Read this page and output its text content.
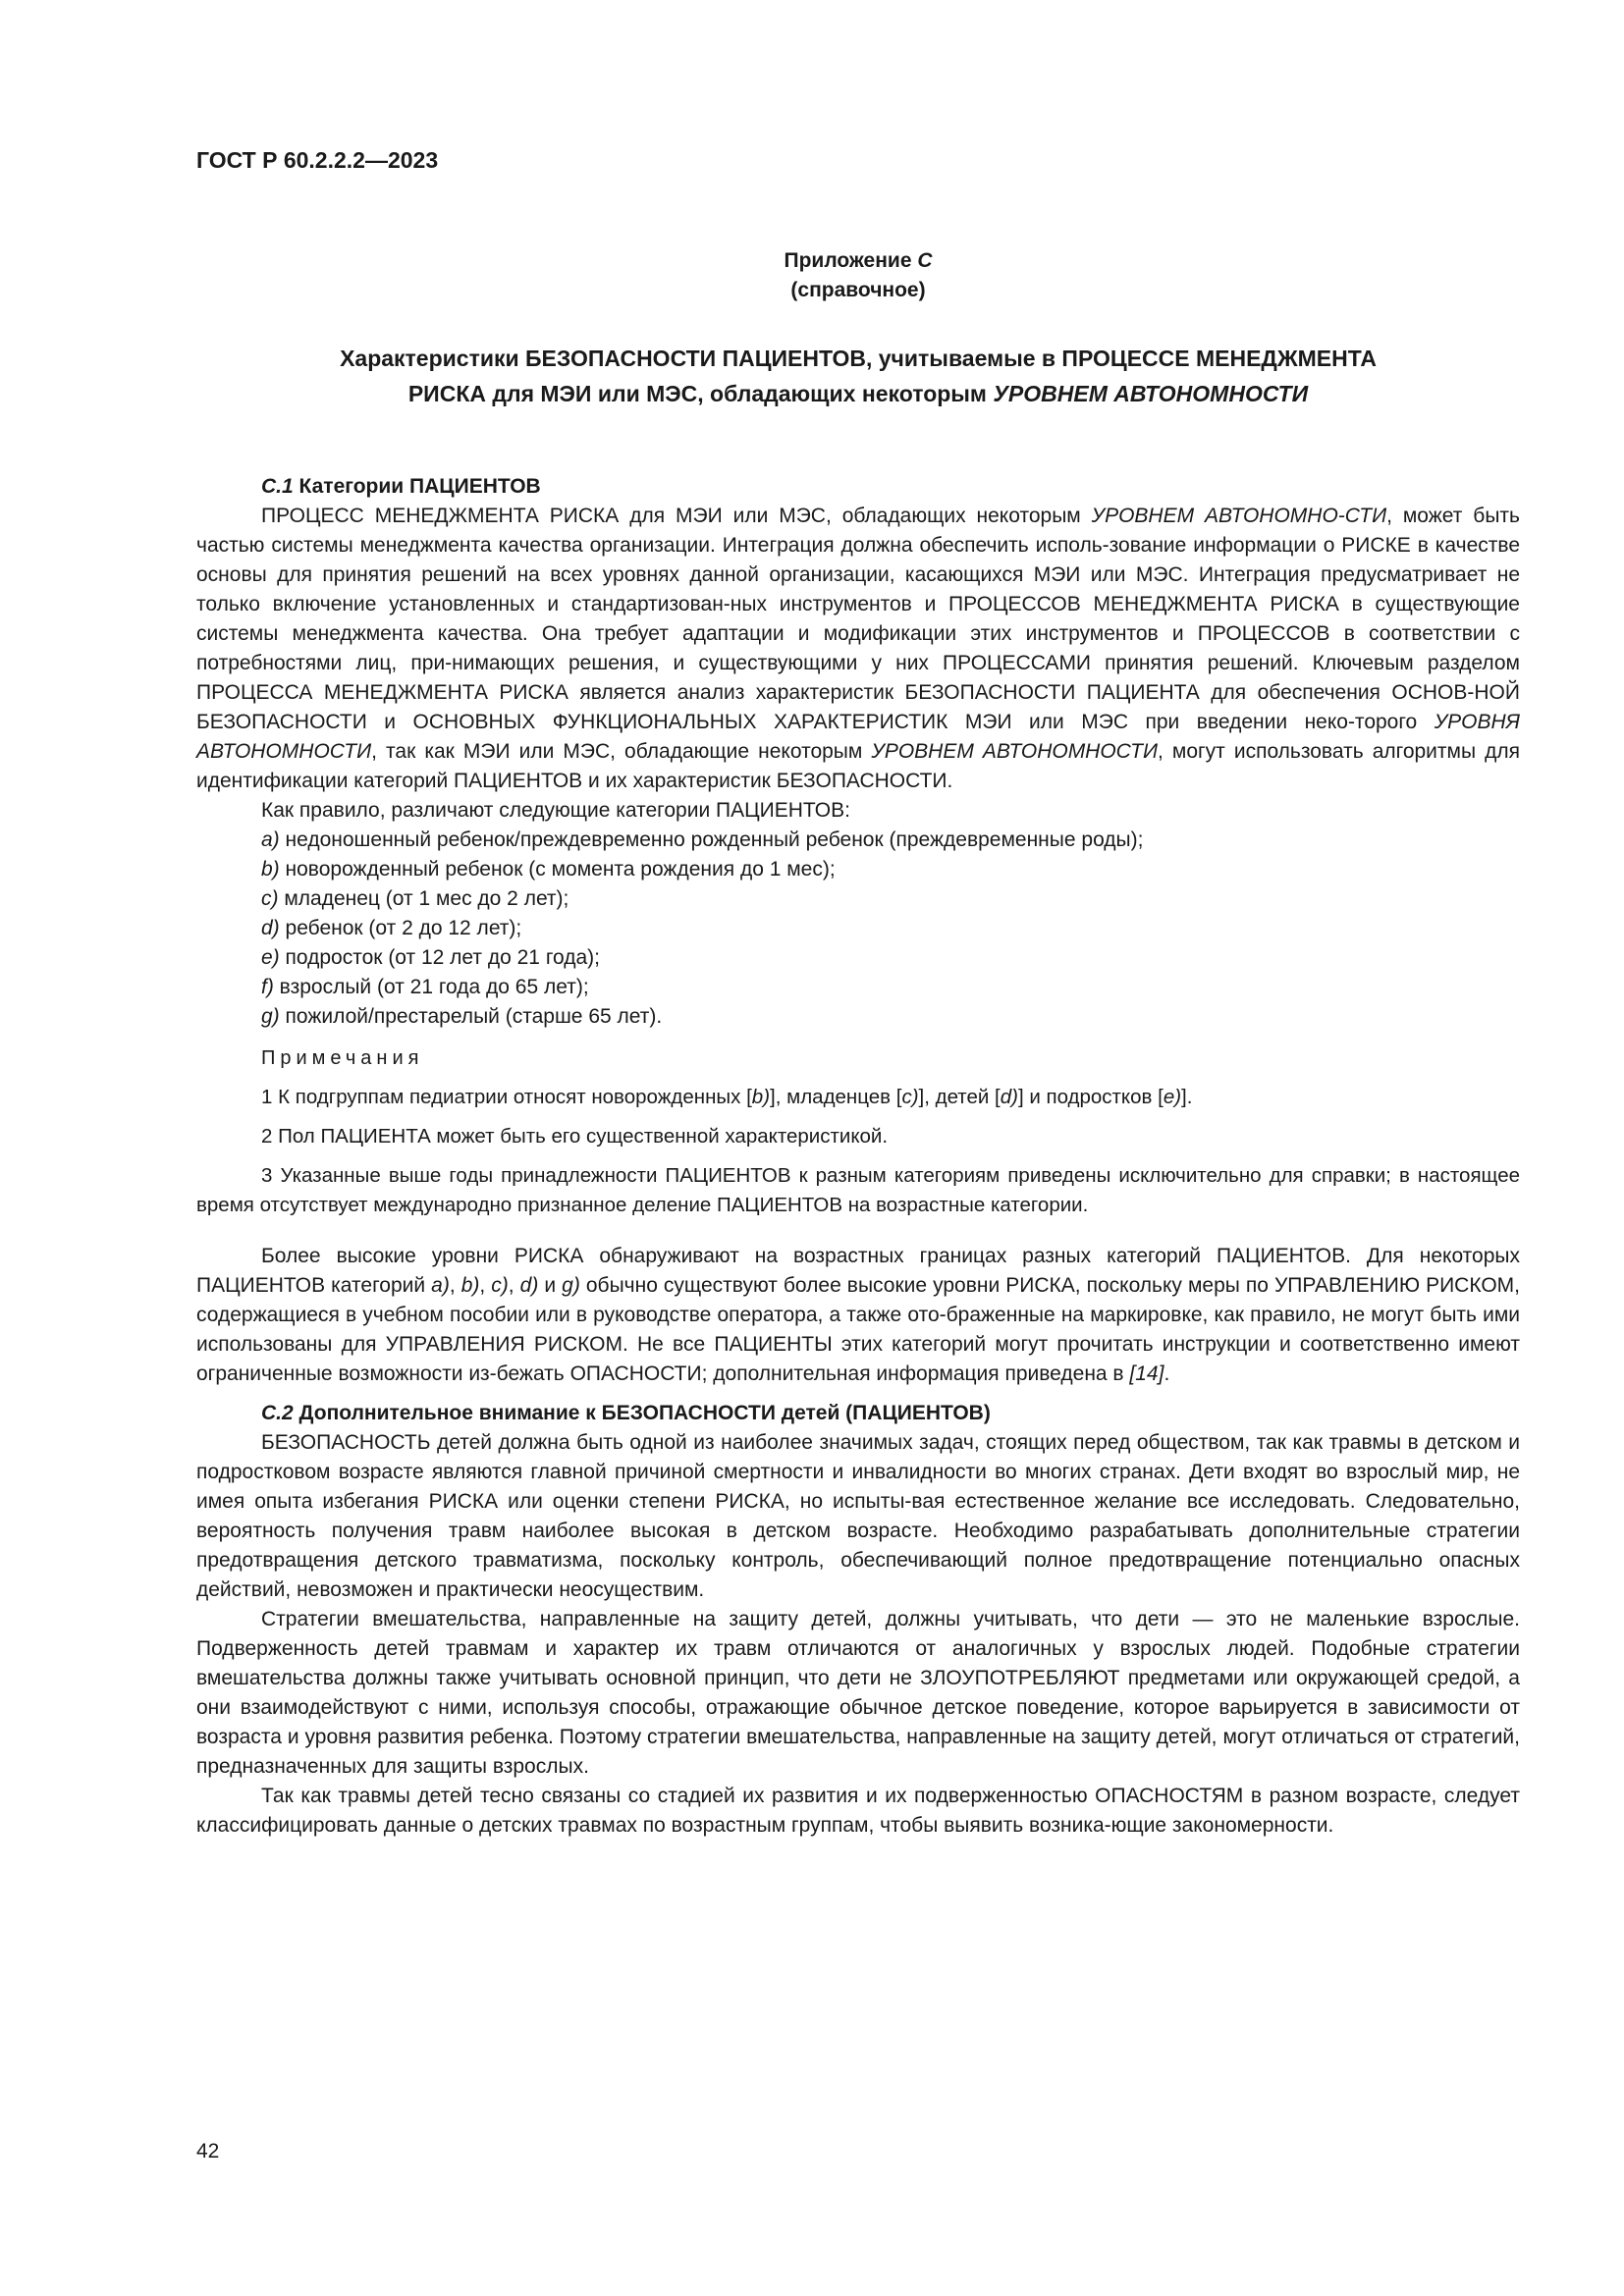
ГОСТ Р 60.2.2.2—2023
Приложение С
(справочное)
Характеристики БЕЗОПАСНОСТИ ПАЦИЕНТОВ, учитываемые в ПРОЦЕССЕ МЕНЕДЖМЕНТА
РИСКА для МЭИ или МЭС, обладающих некоторым УРОВНЕМ АВТОНОМНОСТИ
С.1 Категории ПАЦИЕНТОВ

ПРОЦЕСС МЕНЕДЖМЕНТА РИСКА для МЭИ или МЭС, обладающих некоторым УРОВНЕМ АВТОНОМНО-СТИ, может быть частью системы менеджмента качества организации. Интеграция должна обеспечить исполь-зование информации о РИСКЕ в качестве основы для принятия решений на всех уровнях данной организации, касающихся МЭИ или МЭС. Интеграция предусматривает не только включение установленных и стандартизован-ных инструментов и ПРОЦЕССОВ МЕНЕДЖМЕНТА РИСКА в существующие системы менеджмента качества. Она требует адаптации и модификации этих инструментов и ПРОЦЕССОВ в соответствии с потребностями лиц, при-нимающих решения, и существующими у них ПРОЦЕССАМИ принятия решений. Ключевым разделом ПРОЦЕССА МЕНЕДЖМЕНТА РИСКА является анализ характеристик БЕЗОПАСНОСТИ ПАЦИЕНТА для обеспечения ОСНОВ-НОЙ БЕЗОПАСНОСТИ и ОСНОВНЫХ ФУНКЦИОНАЛЬНЫХ ХАРАКТЕРИСТИК МЭИ или МЭС при введении неко-торого УРОВНЯ АВТОНОМНОСТИ, так как МЭИ или МЭС, обладающие некоторым УРОВНЕМ АВТОНОМНОСТИ, могут использовать алгоритмы для идентификации категорий ПАЦИЕНТОВ и их характеристик БЕЗОПАСНОСТИ.

Как правило, различают следующие категории ПАЦИЕНТОВ:

a) недоношенный ребенок/преждевременно рожденный ребенок (преждевременные роды);

b) новорожденный ребенок (с момента рождения до 1 мес);

c) младенец (от 1 мес до 2 лет);

d) ребенок (от 2 до 12 лет);

e) подросток (от 12 лет до 21 года);

f) взрослый (от 21 года до 65 лет);

g) пожилой/престарелый (старше 65 лет).

Примечания

1 К подгруппам педиатрии относят новорожденных [b)], младенцев [c)], детей [d)] и подростков [e)].

2 Пол ПАЦИЕНТА может быть его существенной характеристикой.

3 Указанные выше годы принадлежности ПАЦИЕНТОВ к разным категориям приведены исключительно для справки; в настоящее время отсутствует международно признанное деление ПАЦИЕНТОВ на возрастные категории.

Более высокие уровни РИСКА обнаруживают на возрастных границах разных категорий ПАЦИЕНТОВ. Для некоторых ПАЦИЕНТОВ категорий a), b), c), d) и g) обычно существуют более высокие уровни РИСКА, поскольку меры по УПРАВЛЕНИЮ РИСКОМ, содержащиеся в учебном пособии или в руководстве оператора, а также ото-браженные на маркировке, как правило, не могут быть ими использованы для УПРАВЛЕНИЯ РИСКОМ. Не все ПАЦИЕНТЫ этих категорий могут прочитать инструкции и соответственно имеют ограниченные возможности из-бежать ОПАСНОСТИ; дополнительная информация приведена в [14].

С.2 Дополнительное внимание к БЕЗОПАСНОСТИ детей (ПАЦИЕНТОВ)

БЕЗОПАСНОСТЬ детей должна быть одной из наиболее значимых задач, стоящих перед обществом, так как травмы в детском и подростковом возрасте являются главной причиной смертности и инвалидности во многих странах. Дети входят во взрослый мир, не имея опыта избегания РИСКА или оценки степени РИСКА, но испыты-вая естественное желание все исследовать. Следовательно, вероятность получения травм наиболее высокая в детском возрасте. Необходимо разрабатывать дополнительные стратегии предотвращения детского травматизма, поскольку контроль, обеспечивающий полное предотвращение потенциально опасных действий, невозможен и практически неосуществим.

Стратегии вмешательства, направленные на защиту детей, должны учитывать, что дети — это не маленькие взрослые. Подверженность детей травмам и характер их травм отличаются от аналогичных у взрослых людей. Подобные стратегии вмешательства должны также учитывать основной принцип, что дети не ЗЛОУПОТРЕБЛЯЮТ предметами или окружающей средой, а они взаимодействуют с ними, используя способы, отражающие обычное детское поведение, которое варьируется в зависимости от возраста и уровня развития ребенка. Поэтому стратегии вмешательства, направленные на защиту детей, могут отличаться от стратегий, предназначенных для защиты взрослых.

Так как травмы детей тесно связаны со стадией их развития и их подверженностью ОПАСНОСТЯМ в разном возрасте, следует классифицировать данные о детских травмах по возрастным группам, чтобы выявить возника-ющие закономерности.

42
